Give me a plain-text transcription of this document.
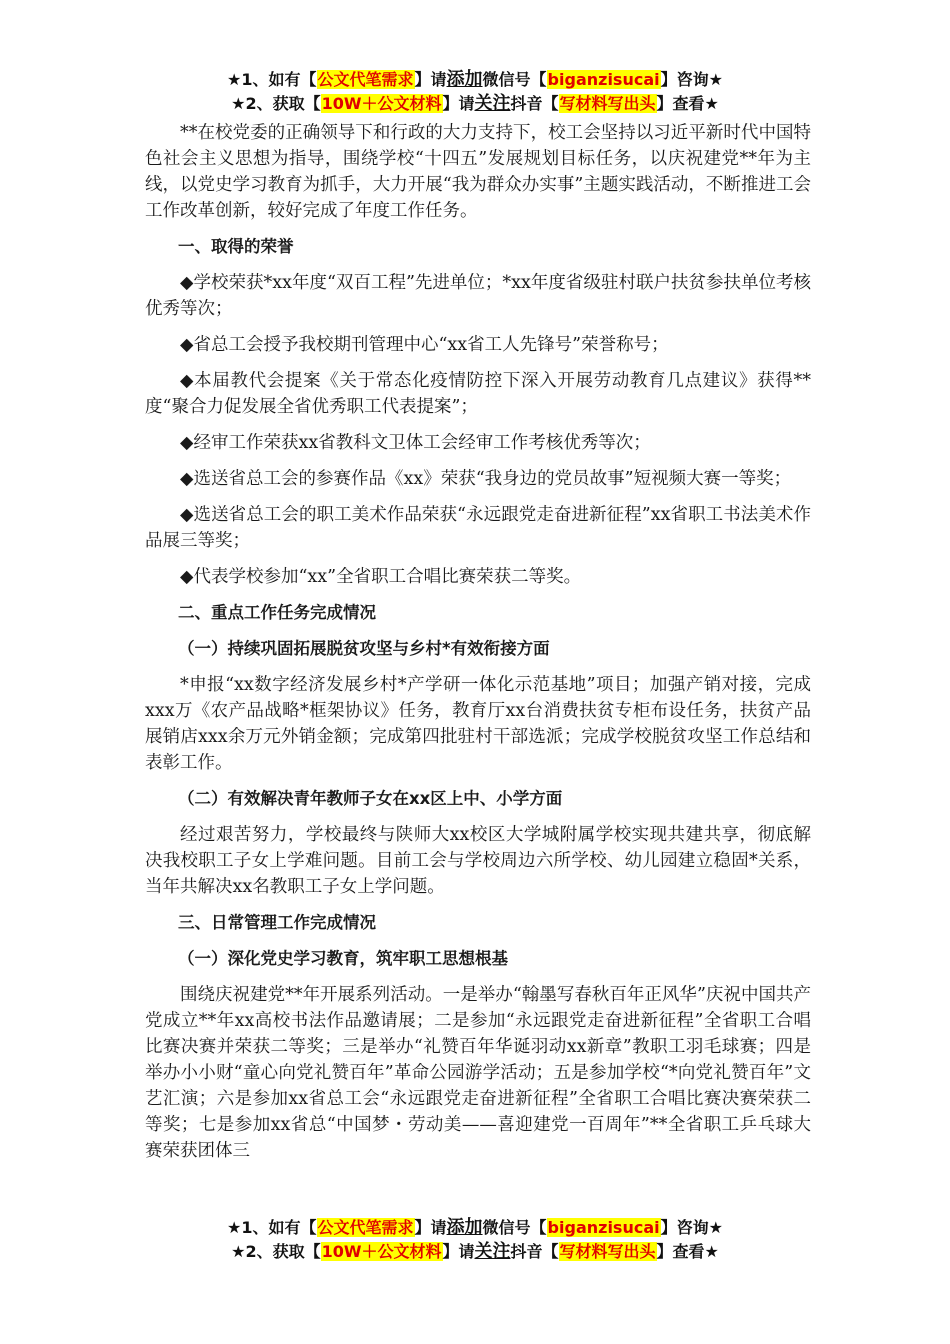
★1、如有【公文代笔需求】请添加微信号【biganzisucai】咨询★
★2、获取【10W＋公文材料】请关注抖音【写材料写出头】查看★

**在校党委的正确领导下和行政的大力支持下，校工会坚持以习近平新时代中国特色社会主义思想为指导，围绕学校“十四五”发展规划目标任务，以庆祝建党**年为主线，以党史学习教育为抓手，大力开展“我为群众办实事”主题实践活动，不断推进工会工作改革创新，较好完成了年度工作任务。

一、取得的荣誉

◆学校荣获*xx年度“双百工程”先进单位；*xx年度省级驻村联户扶贫参扶单位考核优秀等次；

◆省总工会授予我校期刊管理中心“xx省工人先锋号”荣誉称号；

◆本届教代会提案《关于常态化疫情防控下深入开展劳动教育几点建议》获得**度“聚合力促发展全省优秀职工代表提案”；

◆经审工作荣获xx省教科文卫体工会经审工作考核优秀等次；

◆选送省总工会的参赛作品《xx》荣获“我身边的党员故事”短视频大赛一等奖；

◆选送省总工会的职工美术作品荣获“永远跟党走奋进新征程”xx省职工书法美术作品展三等奖；

◆代表学校参加“xx”全省职工合唱比赛荣获二等奖。

二、重点工作任务完成情况

（一）持续巩固拓展脱贫攻坚与乡村*有效衔接方面

*申报“xx数字经济发展乡村*产学研一体化示范基地”项目；加强产销对接，完成xxx万《农产品战略*框架协议》任务，教育厅xx台消费扶贫专柜布设任务，扶贫产品展销店xxx余万元外销金额；完成第四批驻村干部选派；完成学校脱贫攻坚工作总结和表彰工作。

（二）有效解决青年教师子女在xx区上中、小学方面

经过艰苦努力，学校最终与陕师大xx校区大学城附属学校实现共建共享，彻底解决我校职工子女上学难问题。目前工会与学校周边六所学校、幼儿园建立稳固*关系，当年共解决xx名教职工子女上学问题。

三、日常管理工作完成情况

（一）深化党史学习教育，筑牢职工思想根基

围绕庆祝建党**年开展系列活动。一是举办“翰墨写春秋百年正风华”庆祝中国共产党成立**年xx高校书法作品邀请展；二是参加“永远跟党走奋进新征程”全省职工合唱比赛决赛并荣获二等奖；三是举办“礼赞百年华诞羽动xx新章”教职工羽毛球赛；四是举办小小财“童心向党礼赞百年”革命公园游学活动；五是参加学校“*向党礼赞百年”文艺汇演；六是参加xx省总工会“永远跟党走奋进新征程”全省职工合唱比赛决赛荣获二等奖；七是参加xx省总“中国梦・劳动美——喜迎建党一百周年”**全省职工乒乓球大赛荣获团体三

★1、如有【公文代笔需求】请添加微信号【biganzisucai】咨询★
★2、获取【10W＋公文材料】请关注抖音【写材料写出头】查看★
